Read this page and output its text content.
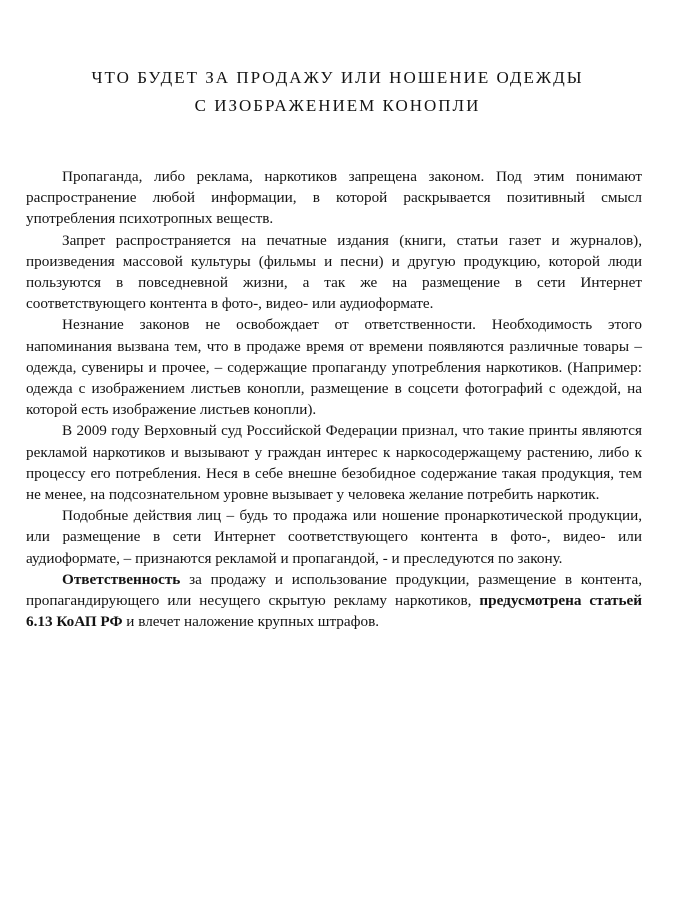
ЧТО БУДЕТ ЗА ПРОДАЖУ ИЛИ НОШЕНИЕ ОДЕЖДЫ
С ИЗОБРАЖЕНИЕМ КОНОПЛИ

Пропаганда, либо реклама, наркотиков запрещена законом. Под этим понимают распространение любой информации, в которой раскрывается позитивный смысл употребления психотропных веществ.

Запрет распространяется на печатные издания (книги, статьи газет и журналов), произведения массовой культуры (фильмы и песни) и другую продукцию, которой люди пользуются в повседневной жизни, а так же на размещение в сети Интернет соответствующего контента в фото-, видео- или аудиоформате.

Незнание законов не освобождает от ответственности. Необходимость этого напоминания вызвана тем, что в продаже время от времени появляются различные товары – одежда, сувениры и прочее, – содержащие пропаганду употребления наркотиков. (Например: одежда с изображением листьев конопли, размещение в соцсети фотографий с одеждой, на которой есть изображение листьев конопли).

В 2009 году Верховный суд Российской Федерации признал, что такие принты являются рекламой наркотиков и вызывают у граждан интерес к наркосодержащему растению, либо к процессу его потребления. Неся в себе внешне безобидное содержание такая продукция, тем не менее, на подсознательном уровне вызывает у человека желание потребить наркотик.

Подобные действия лиц – будь то продажа или ношение пронаркотической продукции, или размещение в сети Интернет соответствующего контента в фото-, видео- или аудиоформате, – признаются рекламой и пропагандой, - и преследуются по закону.

Ответственность за продажу и использование продукции, размещение в контента, пропагандирующего или несущего скрытую рекламу наркотиков, предусмотрена статьей 6.13 КоАП РФ и влечет наложение крупных штрафов.
